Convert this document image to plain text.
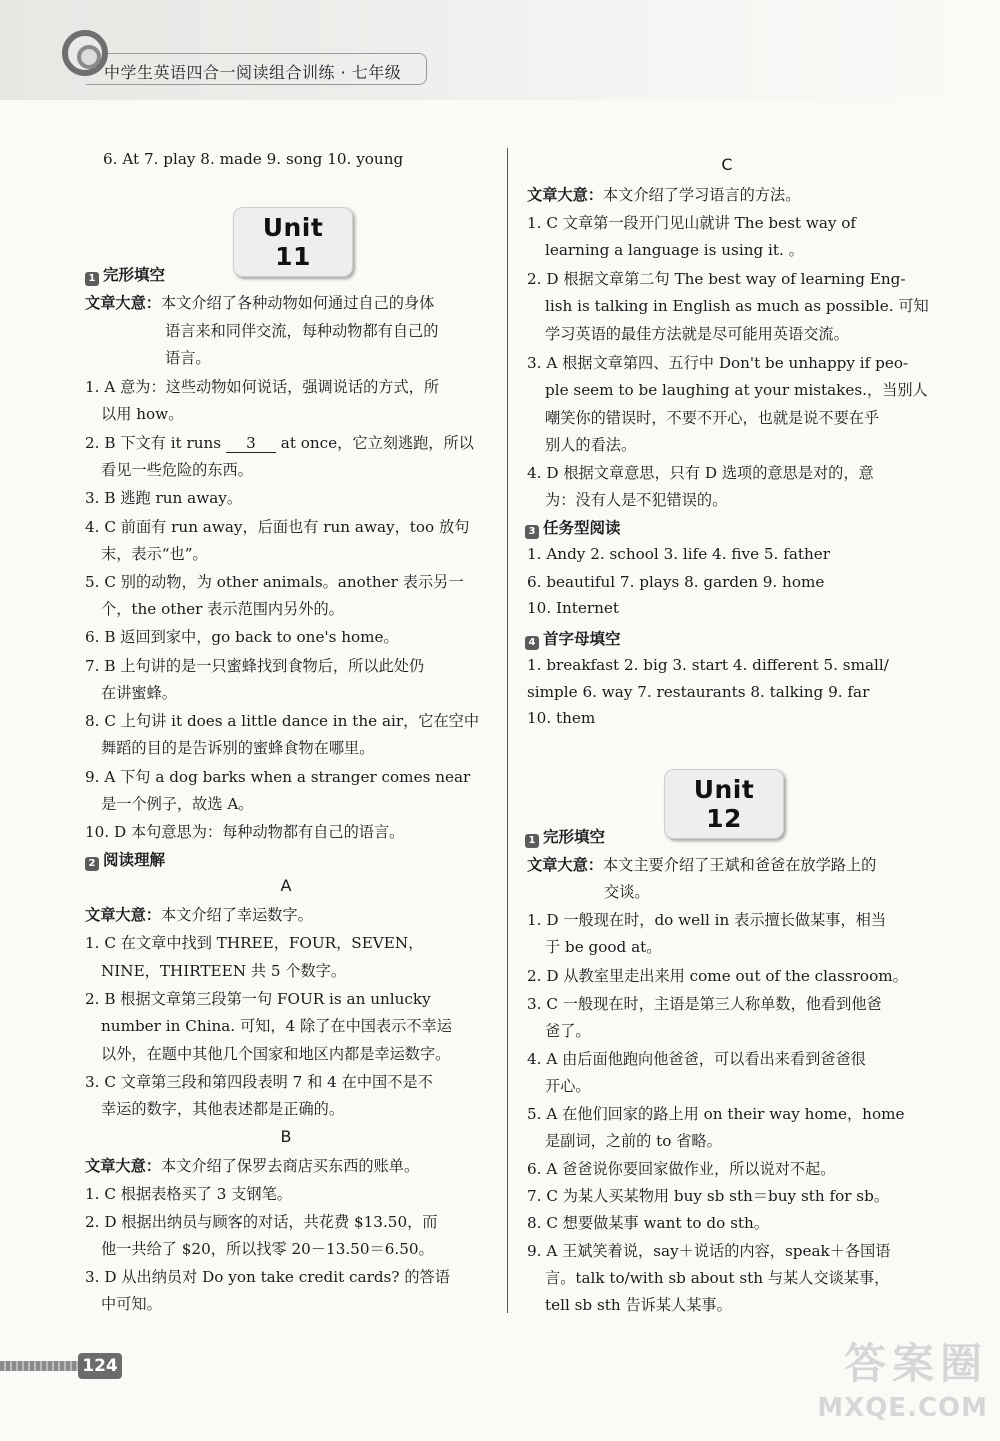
中学生英语四合一阅读组合训练 · 七年级
6. At 7. play 8. made 9. song 10. young
Unit 11
1 完形填空
文章大意：本文介绍了各种动物如何通过自己的身体
语言来和同伴交流，每种动物都有自己的
语言。
1. A 意为：这些动物如何说话，强调说话的方式，所
以用 how。
2. B 下文有 it runs 3 at once，它立刻逃跑，所以
看见一些危险的东西。
3. B 逃跑 run away。
4. C 前面有 run away，后面也有 run away，too 放句
末，表示“也”。
5. C 别的动物，为 other animals。another 表示另一
个，the other 表示范围内另外的。
6. B 返回到家中，go back to one's home。
7. B 上句讲的是一只蜜蜂找到食物后，所以此处仍
在讲蜜蜂。
8. C 上句讲 it does a little dance in the air，它在空中
舞蹈的目的是告诉别的蜜蜂食物在哪里。
9. A 下句 a dog barks when a stranger comes near
是一个例子，故选 A。
10. D 本句意思为：每种动物都有自己的语言。
2 阅读理解
A
文章大意：本文介绍了幸运数字。
1. C 在文章中找到 THREE，FOUR，SEVEN，
NINE，THIRTEEN 共 5 个数字。
2. B 根据文章第三段第一句 FOUR is an unlucky
number in China. 可知，4 除了在中国表示不幸运
以外，在题中其他几个国家和地区内都是幸运数字。
3. C 文章第三段和第四段表明 7 和 4 在中国不是不
幸运的数字，其他表述都是正确的。
B
文章大意：本文介绍了保罗去商店买东西的账单。
1. C 根据表格买了 3 支钢笔。
2. D 根据出纳员与顾客的对话，共花费 $13.50，而
他一共给了 $20，所以找零 20－13.50＝6.50。
3. D 从出纳员对 Do yon take credit cards? 的答语
中可知。
C
文章大意：本文介绍了学习语言的方法。
1. C 文章第一段开门见山就讲 The best way of
learning a language is using it. 。
2. D 根据文章第二句 The best way of learning Eng-
lish is talking in English as much as possible. 可知
学习英语的最佳方法就是尽可能用英语交流。
3. A 根据文章第四、五行中 Don't be unhappy if peo-
ple seem to be laughing at your mistakes.，当别人
嘲笑你的错误时，不要不开心，也就是说不要在乎
别人的看法。
4. D 根据文章意思，只有 D 选项的意思是对的，意
为：没有人是不犯错误的。
3 任务型阅读
1. Andy 2. school 3. life 4. five 5. father
6. beautiful 7. plays 8. garden 9. home
10. Internet
4 首字母填空
1. breakfast 2. big 3. start 4. different 5. small/
simple 6. way 7. restaurants 8. talking 9. far
10. them
Unit 12
1 完形填空
文章大意：本文主要介绍了王斌和爸爸在放学路上的
交谈。
1. D 一般现在时，do well in 表示擅长做某事，相当
于 be good at。
2. D 从教室里走出来用 come out of the classroom。
3. C 一般现在时，主语是第三人称单数，他看到他爸
爸了。
4. A 由后面他跑向他爸爸，可以看出来看到爸爸很
开心。
5. A 在他们回家的路上用 on their way home，home
是副词，之前的 to 省略。
6. A 爸爸说你要回家做作业，所以说对不起。
7. C 为某人买某物用 buy sb sth＝buy sth for sb。
8. C 想要做某事 want to do sth。
9. A 王斌笑着说，say＋说话的内容，speak＋各国语
言。talk to/with sb about sth 与某人交谈某事，
tell sb sth 告诉某人某事。
124	答案圈
MXQE.COM
